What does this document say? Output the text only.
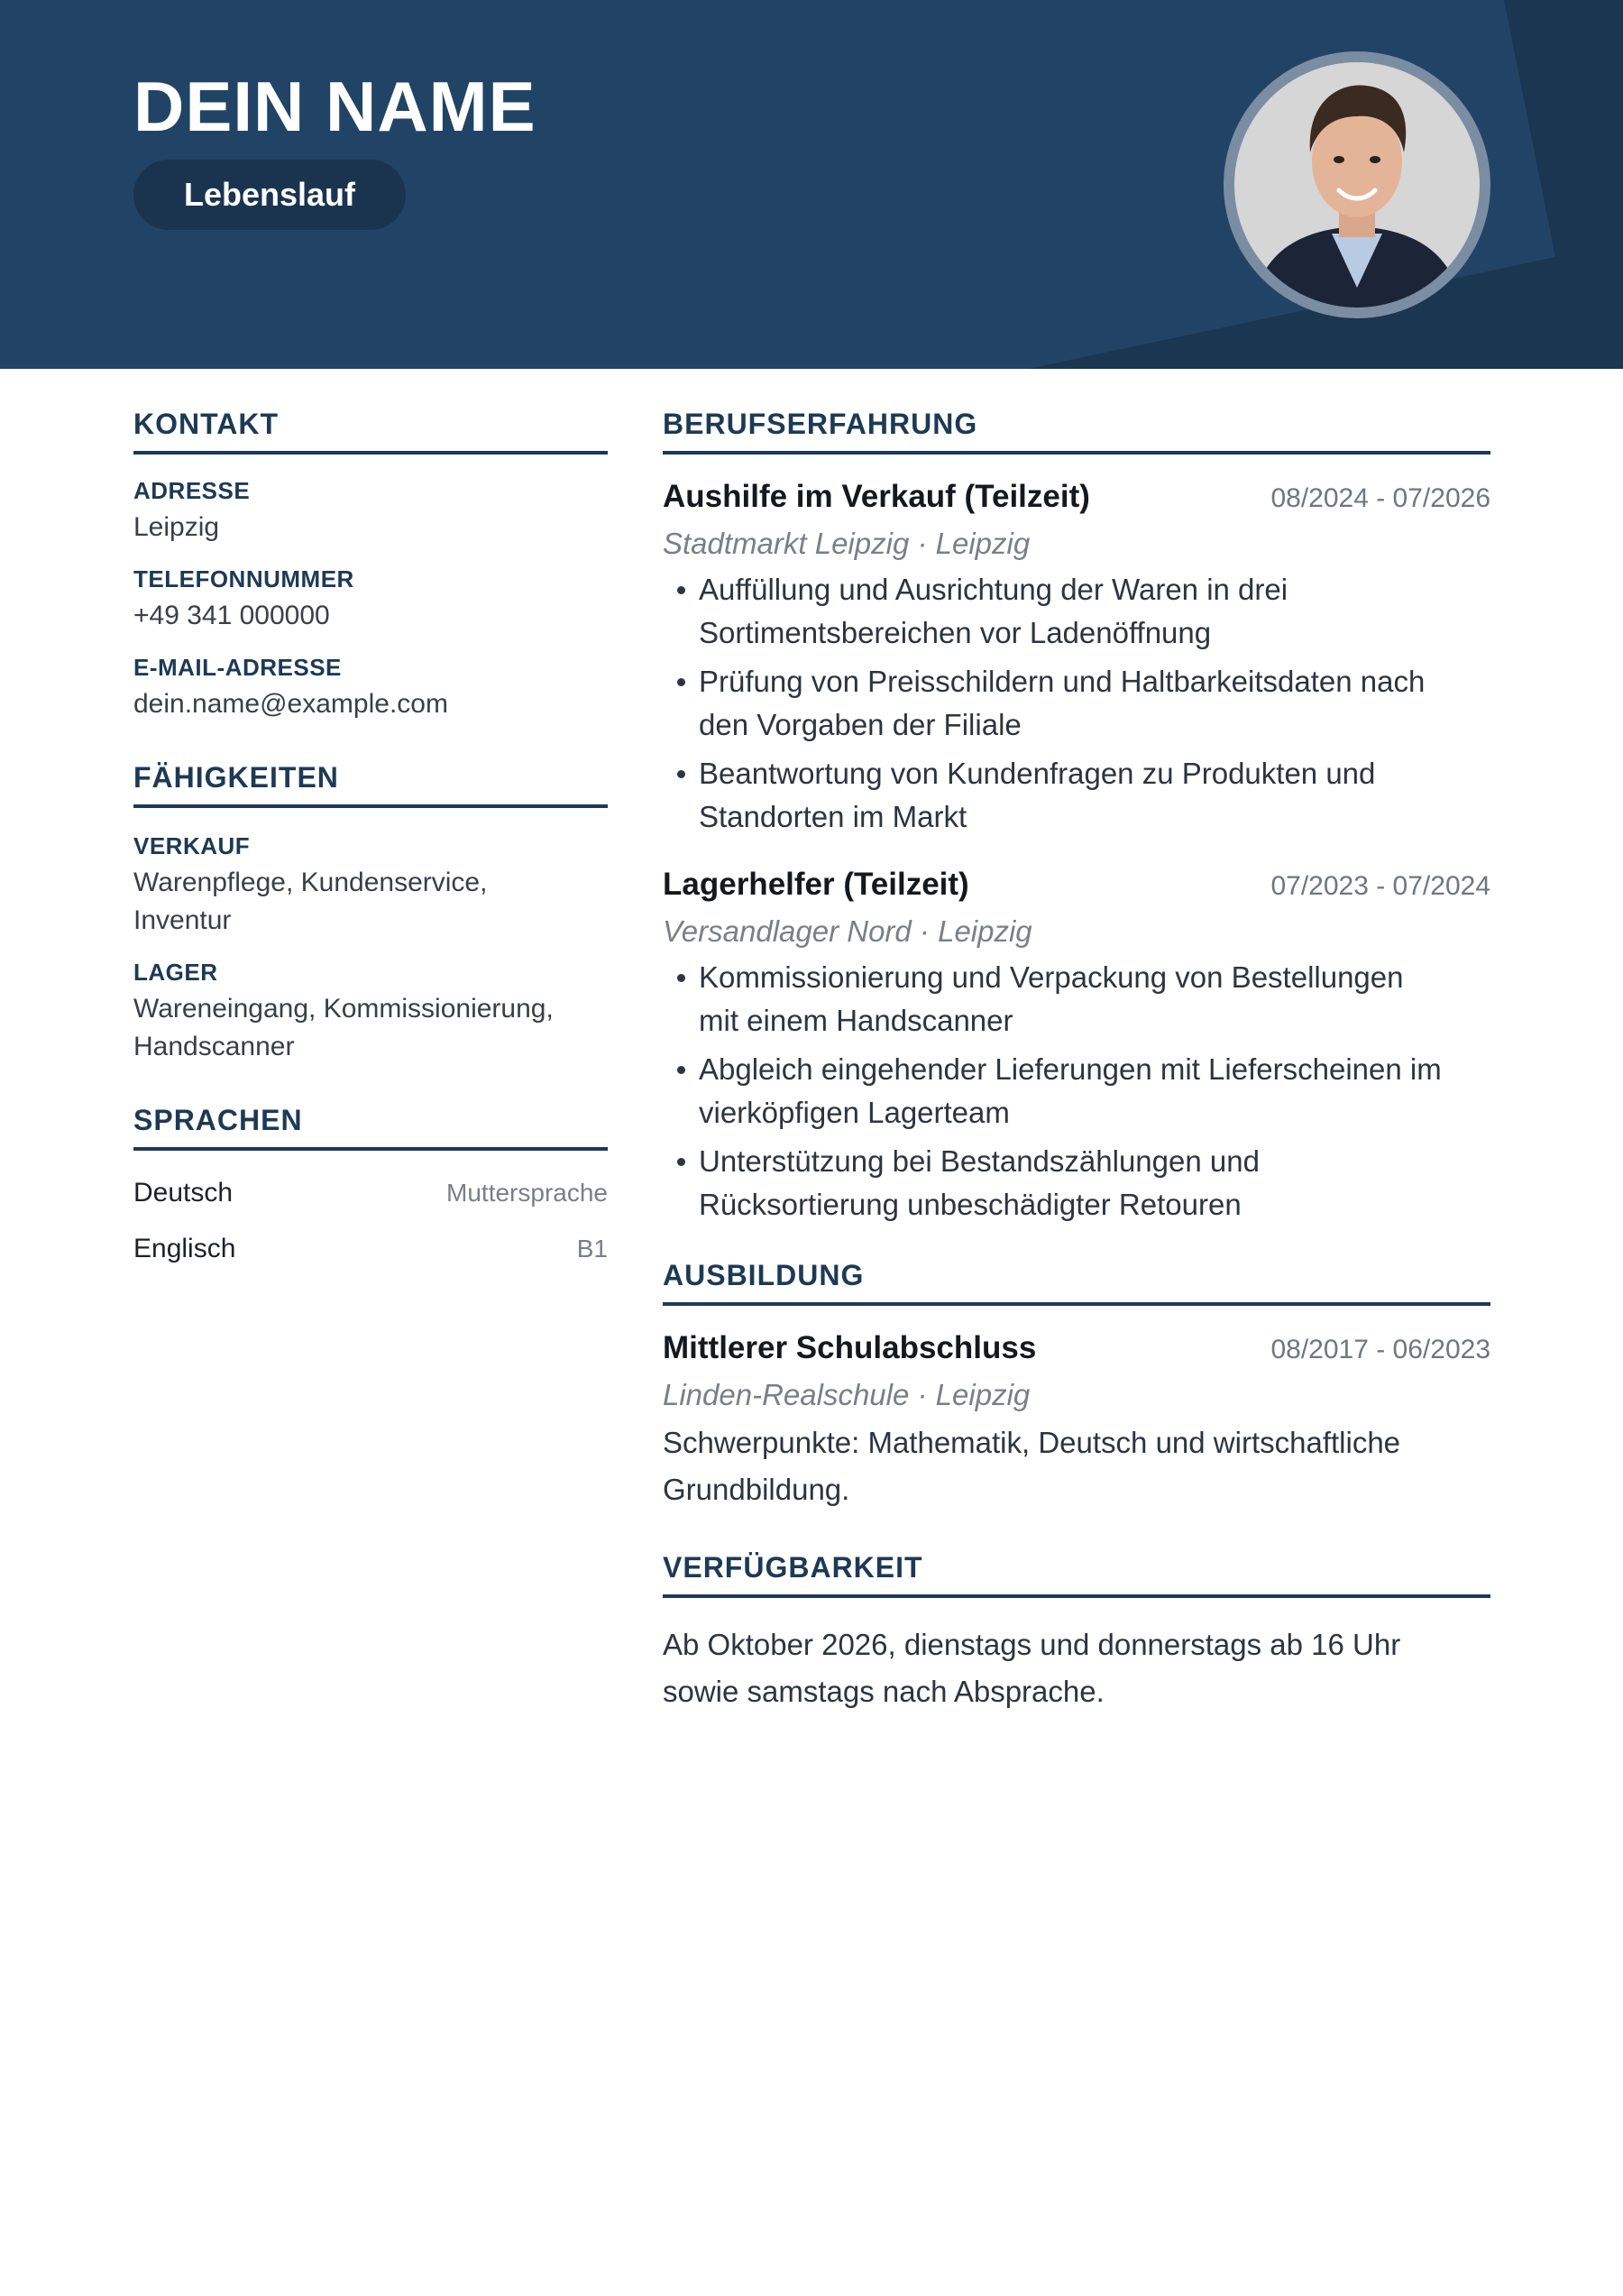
DEIN NAME
Lebenslauf
KONTAKT
ADRESSE
Leipzig
TELEFONNUMMER
+49 341 000000
E-MAIL-ADRESSE
dein.name@example.com
FÄHIGKEITEN
VERKAUF
Warenpflege, Kundenservice,
Inventur
LAGER
Wareneingang, Kommissionierung,
Handscanner
SPRACHEN
Deutsch	Muttersprache
Englisch	B1
BERUFSERFAHRUNG
Aushilfe im Verkauf (Teilzeit)	08/2024 - 07/2026
Stadtmarkt Leipzig · Leipzig
Auffüllung und Ausrichtung der Waren in drei
Sortimentsbereichen vor Ladenöffnung
Prüfung von Preisschildern und Haltbarkeitsdaten nach
den Vorgaben der Filiale
Beantwortung von Kundenfragen zu Produkten und
Standorten im Markt
Lagerhelfer (Teilzeit)	07/2023 - 07/2024
Versandlager Nord · Leipzig
Kommissionierung und Verpackung von Bestellungen
mit einem Handscanner
Abgleich eingehender Lieferungen mit Lieferscheinen im
vierköpfigen Lagerteam
Unterstützung bei Bestandszählungen und
Rücksortierung unbeschädigter Retouren
AUSBILDUNG
Mittlerer Schulabschluss	08/2017 - 06/2023
Linden-Realschule · Leipzig
Schwerpunkte: Mathematik, Deutsch und wirtschaftliche
Grundbildung.
VERFÜGBARKEIT
Ab Oktober 2026, dienstags und donnerstags ab 16 Uhr
sowie samstags nach Absprache.
